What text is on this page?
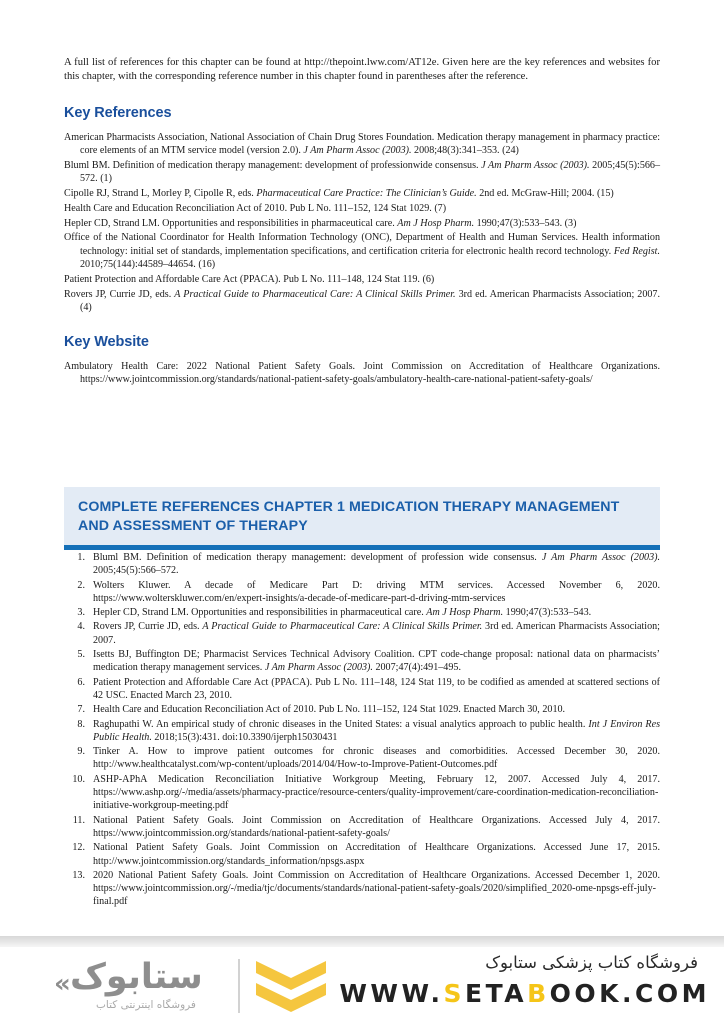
A full list of references for this chapter can be found at http://thepoint.lww.com/AT12e. Given here are the key references and websites for this chapter, with the corresponding reference number in this chapter found in parentheses after the reference.

Key References
American Pharmacists Association, National Association of Chain Drug Stores Foundation. Medication therapy management in pharmacy practice: core elements of an MTM service model (version 2.0). J Am Pharm Assoc (2003). 2008;48(3):341–353. (24)
Bluml BM. Definition of medication therapy management: development of professionwide consensus. J Am Pharm Assoc (2003). 2005;45(5):566–572. (1)
Cipolle RJ, Strand L, Morley P, Cipolle R, eds. Pharmaceutical Care Practice: The Clinician’s Guide. 2nd ed. McGraw-Hill; 2004. (15)
Health Care and Education Reconciliation Act of 2010. Pub L No. 111–152, 124 Stat 1029. (7)
Hepler CD, Strand LM. Opportunities and responsibilities in pharmaceutical care. Am J Hosp Pharm. 1990;47(3):533–543. (3)
Office of the National Coordinator for Health Information Technology (ONC), Department of Health and Human Services. Health information technology: initial set of standards, implementation specifications, and certification criteria for electronic health record technology. Fed Regist. 2010;75(144):44589–44654. (16)
Patient Protection and Affordable Care Act (PPACA). Pub L No. 111–148, 124 Stat 119. (6)
Rovers JP, Currie JD, eds. A Practical Guide to Pharmaceutical Care: A Clinical Skills Primer. 3rd ed. American Pharmacists Association; 2007. (4)
Key Website
Ambulatory Health Care: 2022 National Patient Safety Goals. Joint Commission on Accreditation of Healthcare Organizations. https://www.jointcommission.org/standards/national-patient-safety-goals/ambulatory-health-care-national-patient-safety-goals/
COMPLETE REFERENCES CHAPTER 1 MEDICATION THERAPY MANAGEMENT AND ASSESSMENT OF THERAPY
1. Bluml BM. Definition of medication therapy management: development of profession wide consensus. J Am Pharm Assoc (2003). 2005;45(5):566–572.
2. Wolters Kluwer. A decade of Medicare Part D: driving MTM services. Accessed November 6, 2020. https://www.wolterskluwer.com/en/expert-insights/a-decade-of-medicare-part-d-driving-mtm-services
3. Hepler CD, Strand LM. Opportunities and responsibilities in pharmaceutical care. Am J Hosp Pharm. 1990;47(3):533–543.
4. Rovers JP, Currie JD, eds. A Practical Guide to Pharmaceutical Care: A Clinical Skills Primer. 3rd ed. American Pharmacists Association; 2007.
5. Isetts BJ, Buffington DE; Pharmacist Services Technical Advisory Coalition. CPT code-change proposal: national data on pharmacists’ medication therapy management services. J Am Pharm Assoc (2003). 2007;47(4):491–495.
6. Patient Protection and Affordable Care Act (PPACA). Pub L No. 111–148, 124 Stat 119, to be codified as amended at scattered sections of 42 USC. Enacted March 23, 2010.
7. Health Care and Education Reconciliation Act of 2010. Pub L No. 111–152, 124 Stat 1029. Enacted March 30, 2010.
8. Raghupathi W. An empirical study of chronic diseases in the United States: a visual analytics approach to public health. Int J Environ Res Public Health. 2018;15(3):431. doi:10.3390/ijerph15030431
9. Tinker A. How to improve patient outcomes for chronic diseases and comorbidities. Accessed December 30, 2020. http://www.healthcatalyst.com/wp-content/uploads/2014/04/How-to-Improve-Patient-Outcomes.pdf
10. ASHP-APhA Medication Reconciliation Initiative Workgroup Meeting, February 12, 2007. Accessed July 4, 2017. https://www.ashp.org/-/media/assets/pharmacy-practice/resource-centers/quality-improvement/care-coordination-medication-reconciliation-initiative-workgroup-meeting.pdf
11. National Patient Safety Goals. Joint Commission on Accreditation of Healthcare Organizations. Accessed July 4, 2017. https://www.jointcommission.org/standards/national-patient-safety-goals/
12. National Patient Safety Goals. Joint Commission on Accreditation of Healthcare Organizations. Accessed June 17, 2015. http://www.jointcommission.org/standards_information/npsgs.aspx
13. 2020 National Patient Safety Goals. Joint Commission on Accreditation of Healthcare Organizations. Accessed December 1, 2020. https://www.jointcommission.org/-/media/tjc/documents/standards/national-patient-safety-goals/2020/simplified_2020-ome-npsgs-eff-july-final.pdf
« ستابوک
فروشگاه اینترنتی کتاب
فروشگاه کتاب پزشکی ستابوک
WWW.SETABOOK.COM
